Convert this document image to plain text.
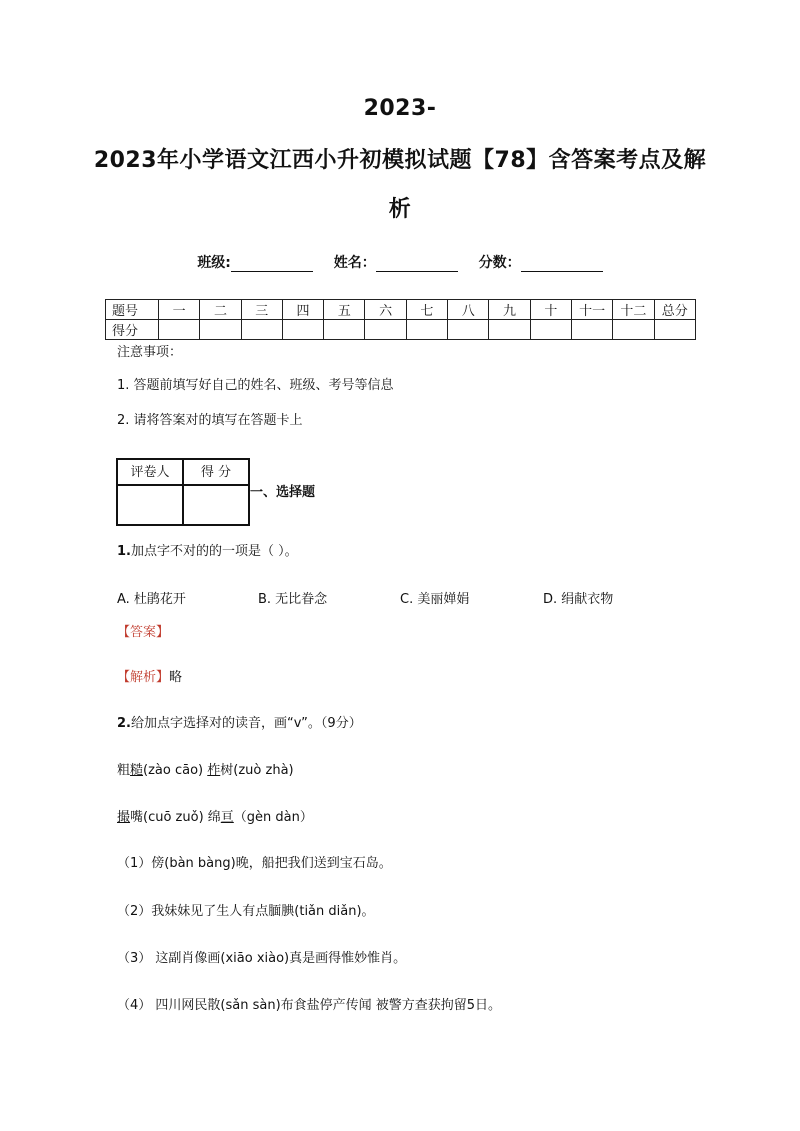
2023-
2023年小学语文江西小升初模拟试题【78】含答案考点及解
析
班级:	姓名：	分数：
题号	一	二	三	四	五	六	七	八	九	十	十一	十二	总分
得分													
注意事项：
1. 答题前填写好自己的姓名、班级、考号等信息
2. 请将答案对的填写在答题卡上
评卷人	得 分
一、选择题
1.加点字不对的的一项是（ ）。
A. 杜鹃花开	B. 无比眷念	C. 美丽婵娟	D. 绢献衣物
【答案】
【解析】略
2.给加点字选择对的读音，画“v”。（9分）
粗糙(zào cāo) 柞树(zuò zhà)
撮嘴(cuō zuǒ) 绵亘（gèn dàn）
（1）傍(bàn bàng)晚，船把我们送到宝石岛。
（2）我妹妹见了生人有点腼腆(tiǎn diǎn)。
（3） 这副肖像画(xiāo xiào)真是画得惟妙惟肖。
（4） 四川网民散(sǎn sàn)布食盐停产传闻 被警方查获拘留5日。
